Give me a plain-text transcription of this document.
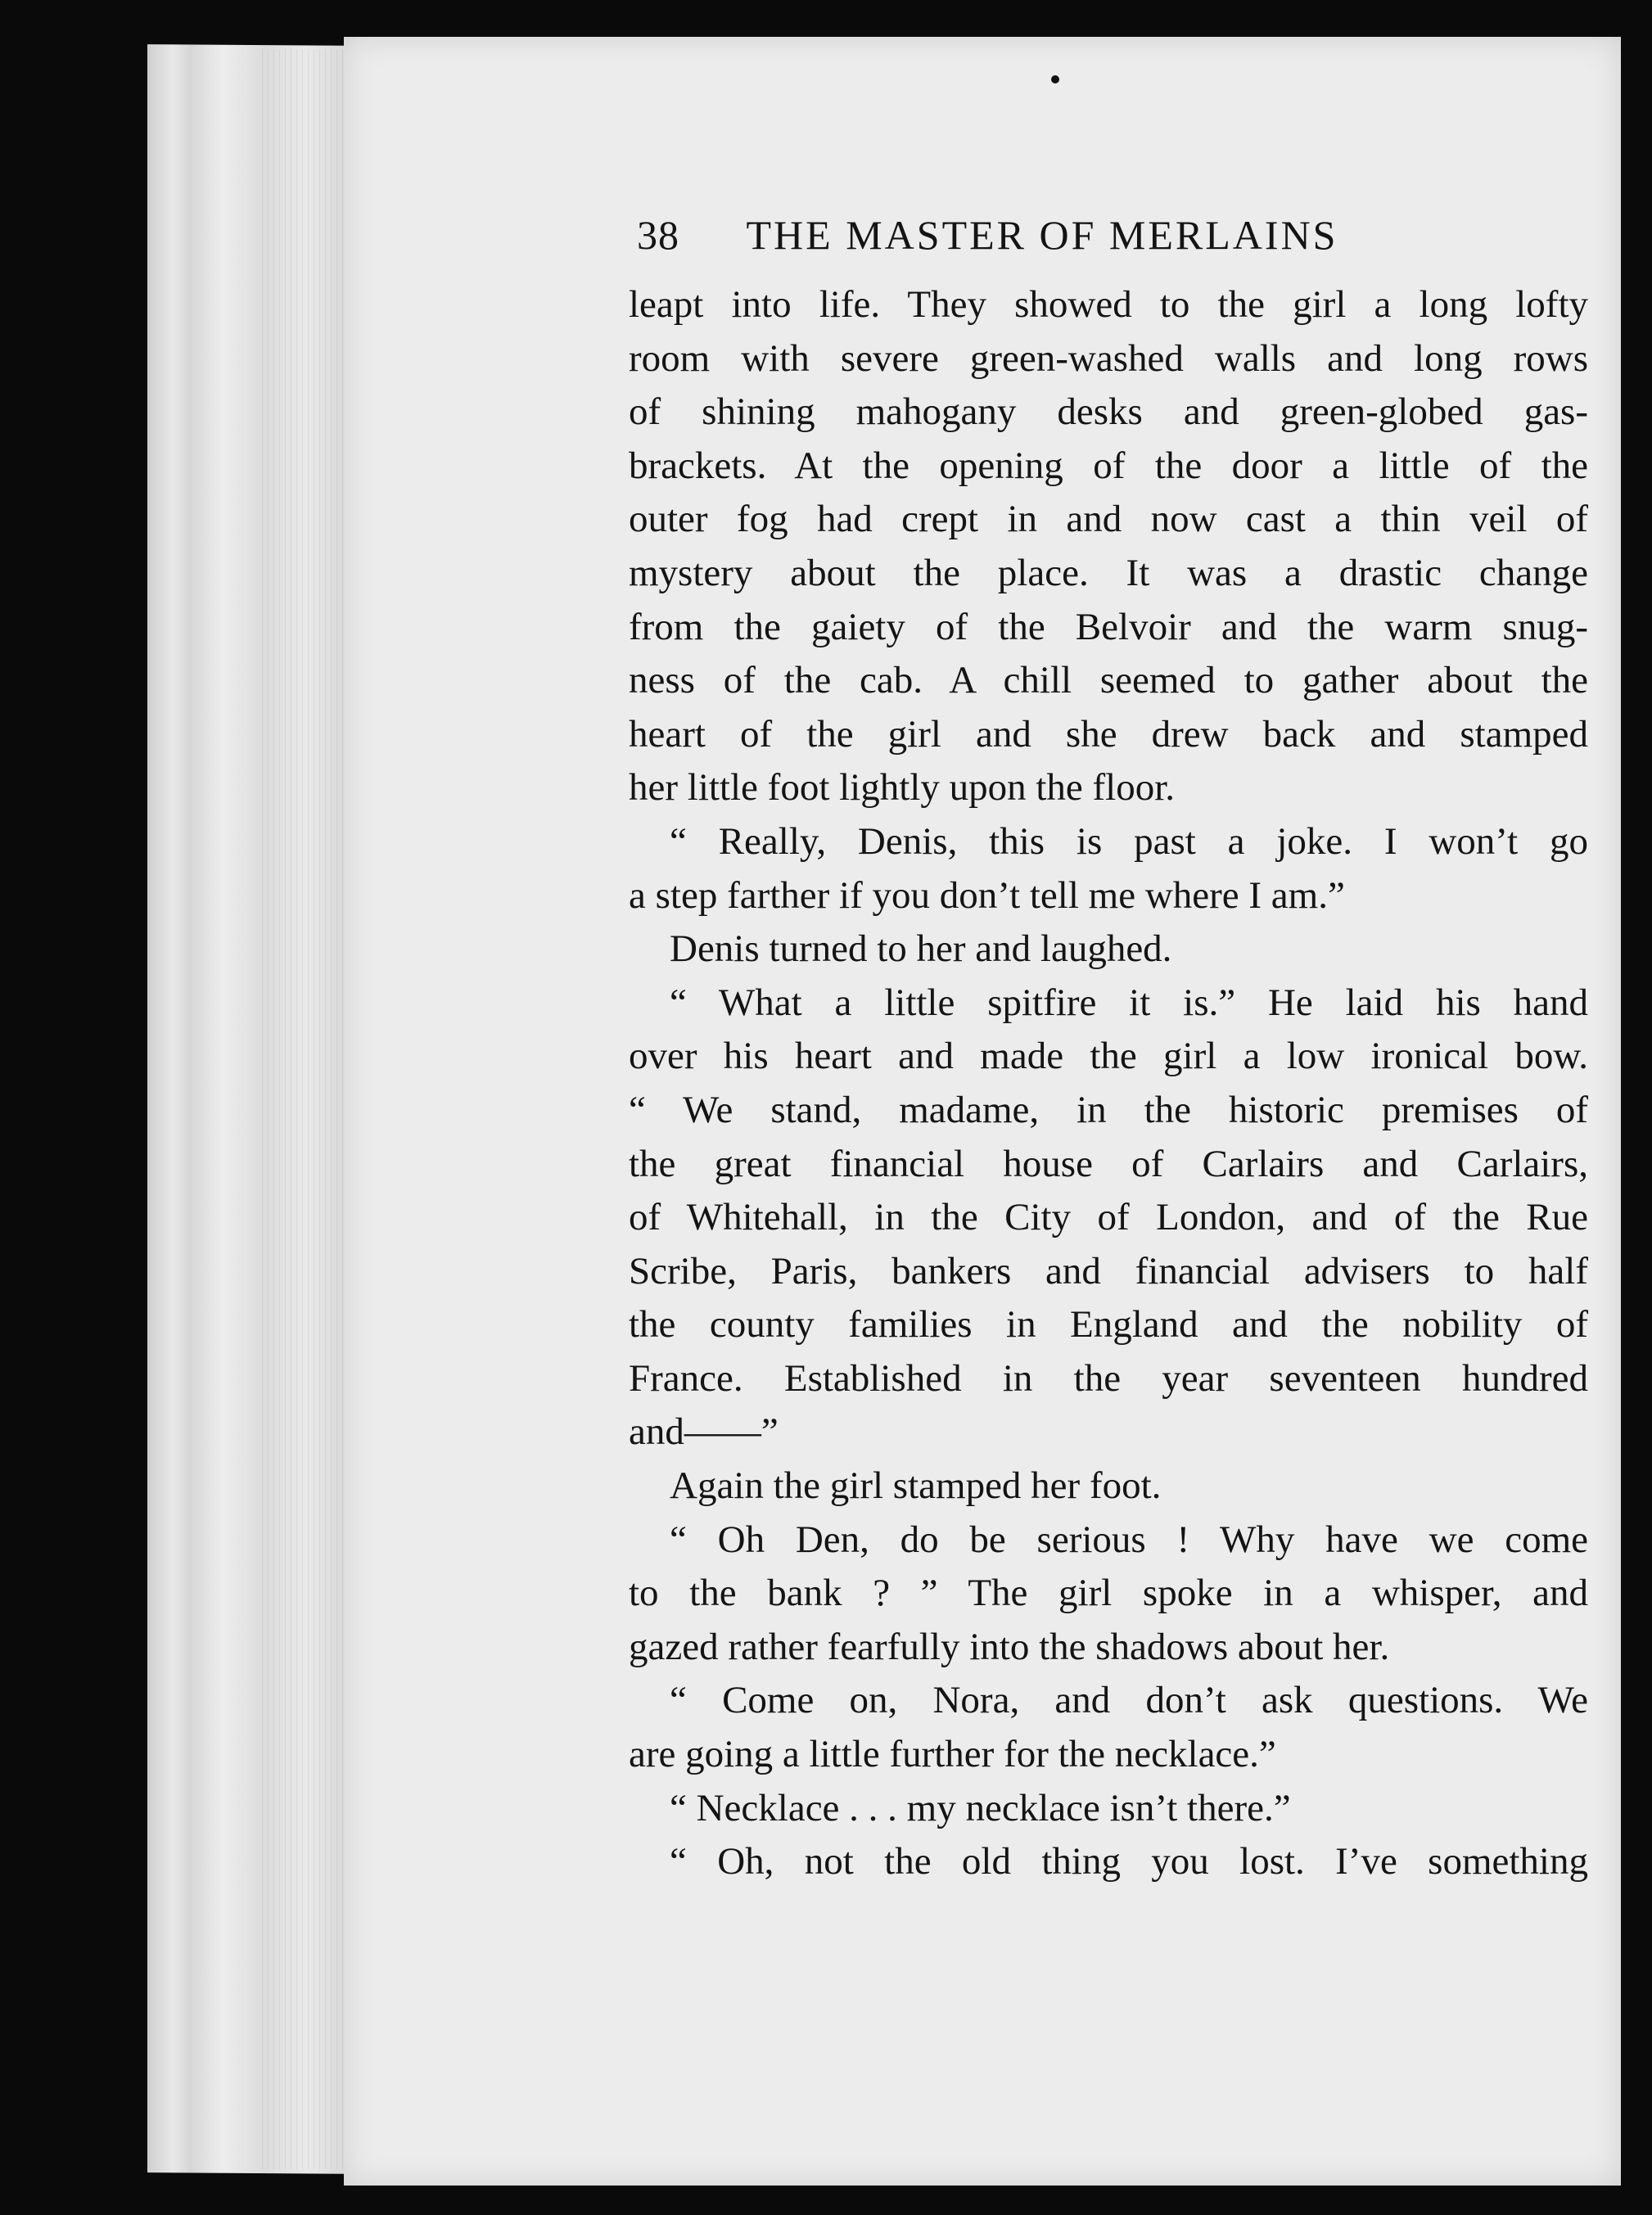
38 THE MASTER OF MERLAINS
leapt into life. They showed to the girl a long lofty
room with severe green-washed walls and long rows
of shining mahogany desks and green-globed gas-
brackets. At the opening of the door a little of the
outer fog had crept in and now cast a thin veil of
mystery about the place. It was a drastic change
from the gaiety of the Belvoir and the warm snug-
ness of the cab. A chill seemed to gather about the
heart of the girl and she drew back and stamped
her little foot lightly upon the floor.
“ Really, Denis, this is past a joke. I won’t go
a step farther if you don’t tell me where I am.”
Denis turned to her and laughed.
“ What a little spitfire it is.” He laid his hand
over his heart and made the girl a low ironical bow.
“ We stand, madame, in the historic premises of
the great financial house of Carlairs and Carlairs,
of Whitehall, in the City of London, and of the Rue
Scribe, Paris, bankers and financial advisers to half
the county families in England and the nobility of
France. Established in the year seventeen hundred
and——”
Again the girl stamped her foot.
“ Oh Den, do be serious ! Why have we come
to the bank ? ” The girl spoke in a whisper, and
gazed rather fearfully into the shadows about her.
“ Come on, Nora, and don’t ask questions. We
are going a little further for the necklace.”
“ Necklace . . . my necklace isn’t there.”
“ Oh, not the old thing you lost. I’ve something
